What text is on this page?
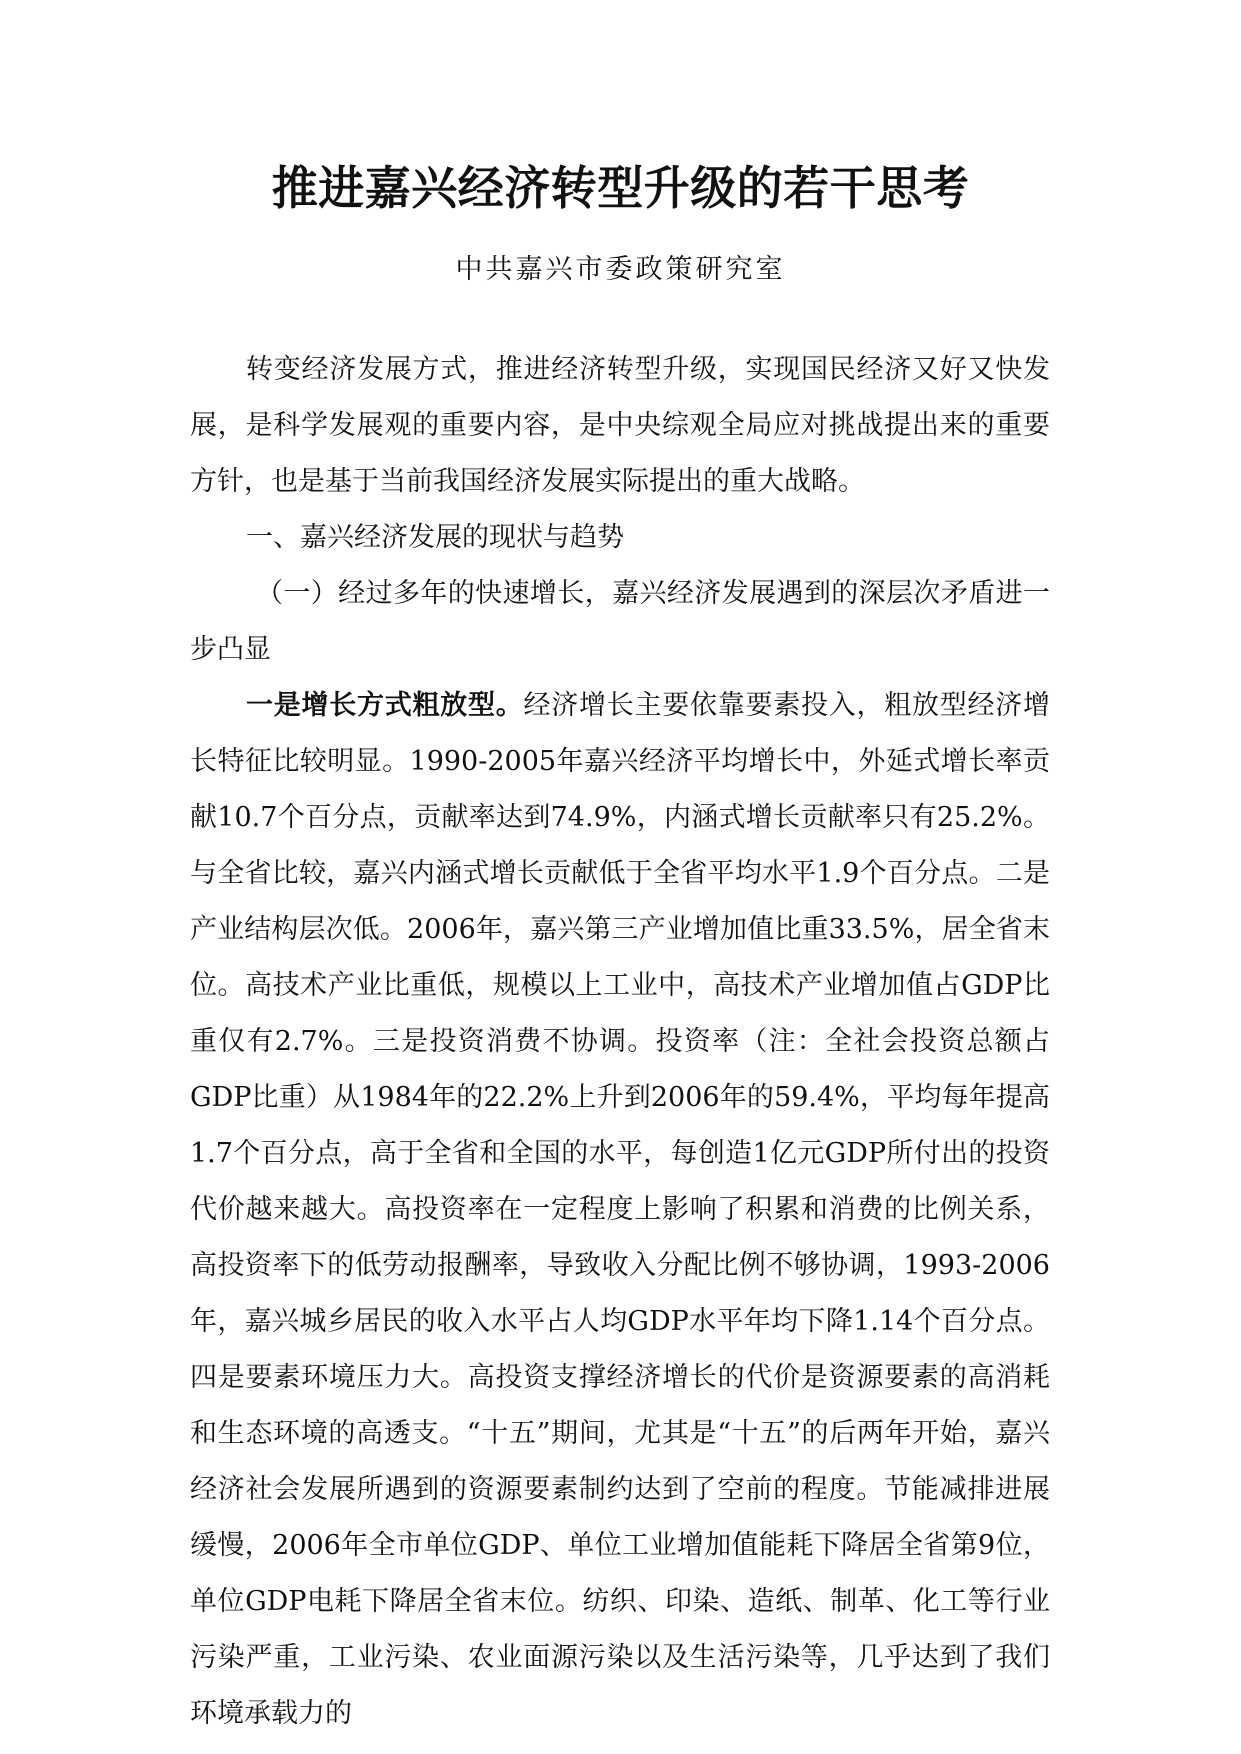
推进嘉兴经济转型升级的若干思考

中共嘉兴市委政策研究室

转变经济发展方式，推进经济转型升级，实现国民经济又好又快发展，是科学发展观的重要内容，是中央综观全局应对挑战提出来的重要方针，也是基于当前我国经济发展实际提出的重大战略。

一、嘉兴经济发展的现状与趋势

（一）经过多年的快速增长，嘉兴经济发展遇到的深层次矛盾进一步凸显

一是增长方式粗放型。经济增长主要依靠要素投入，粗放型经济增长特征比较明显。1990-2005年嘉兴经济平均增长中，外延式增长率贡献10.7个百分点，贡献率达到74.9%，内涵式增长贡献率只有25.2%。与全省比较，嘉兴内涵式增长贡献低于全省平均水平1.9个百分点。二是产业结构层次低。2006年，嘉兴第三产业增加值比重33.5%，居全省末位。高技术产业比重低，规模以上工业中，高技术产业增加值占GDP比重仅有2.7%。三是投资消费不协调。投资率（注：全社会投资总额占GDP比重）从1984年的22.2%上升到2006年的59.4%，平均每年提高1.7个百分点，高于全省和全国的水平，每创造1亿元GDP所付出的投资代价越来越大。高投资率在一定程度上影响了积累和消费的比例关系，高投资率下的低劳动报酬率，导致收入分配比例不够协调，1993-2006年，嘉兴城乡居民的收入水平占人均GDP水平年均下降1.14个百分点。四是要素环境压力大。高投资支撑经济增长的代价是资源要素的高消耗和生态环境的高透支。“十五”期间，尤其是“十五”的后两年开始，嘉兴经济社会发展所遇到的资源要素制约达到了空前的程度。节能减排进展缓慢，2006年全市单位GDP、单位工业增加值能耗下降居全省第9位，单位GDP电耗下降居全省末位。纺织、印染、造纸、制革、化工等行业污染严重，工业污染、农业面源污染以及生活污染等，几乎达到了我们环境承载力的
